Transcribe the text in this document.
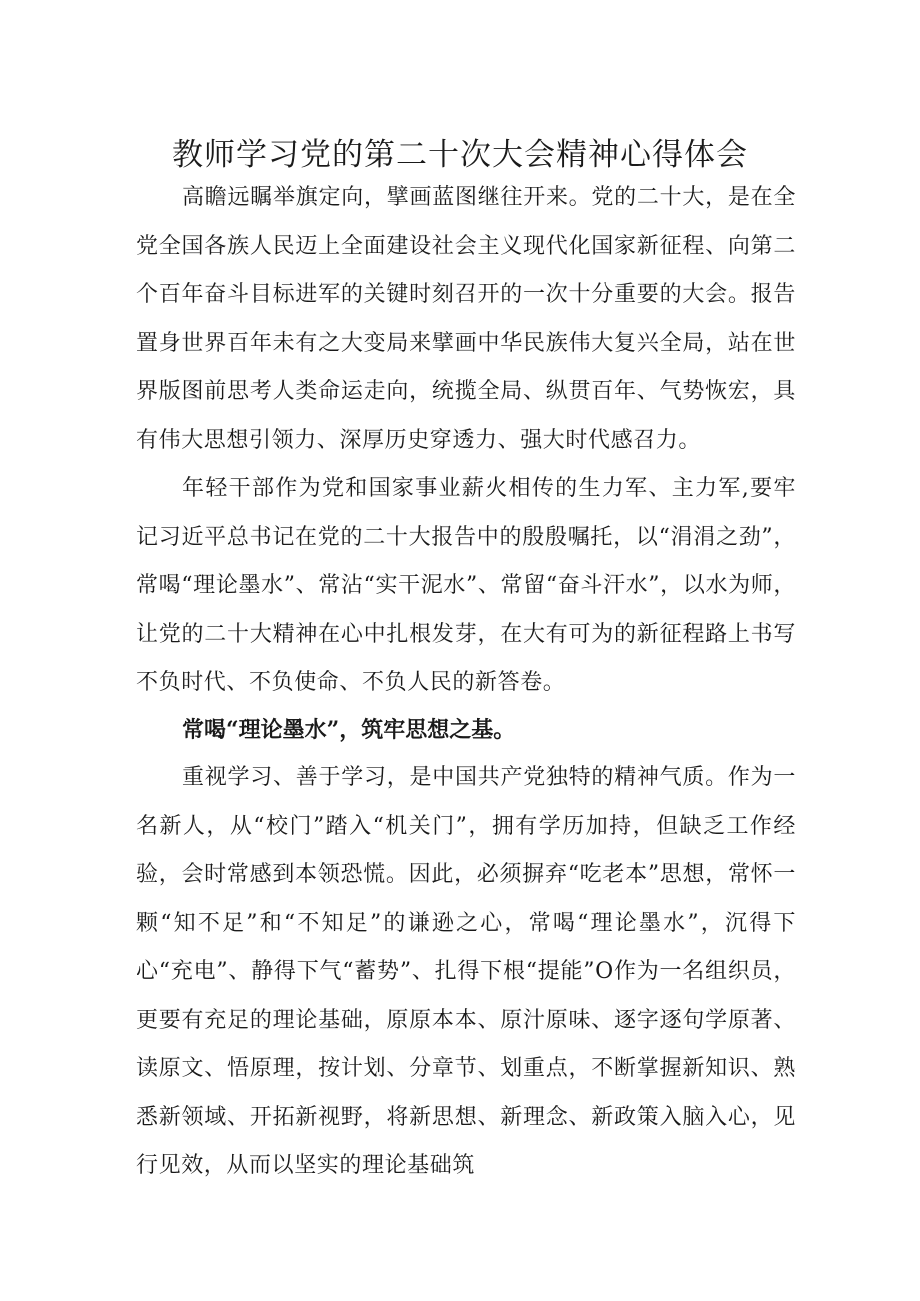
教师学习党的第二十次大会精神心得体会

高瞻远瞩举旗定向，擘画蓝图继往开来。党的二十大，是在全党全国各族人民迈上全面建设社会主义现代化国家新征程、向第二个百年奋斗目标进军的关键时刻召开的一次十分重要的大会。报告置身世界百年未有之大变局来擘画中华民族伟大复兴全局，站在世界版图前思考人类命运走向，统揽全局、纵贯百年、气势恢宏，具有伟大思想引领力、深厚历史穿透力、强大时代感召力。

年轻干部作为党和国家事业薪火相传的生力军、主力军,要牢记习近平总书记在党的二十大报告中的殷殷嘱托，以“涓涓之劲”，常喝“理论墨水”、常沾“实干泥水”、常留“奋斗汗水”，以水为师，让党的二十大精神在心中扎根发芽，在大有可为的新征程路上书写不负时代、不负使命、不负人民的新答卷。

常喝“理论墨水”，筑牢思想之基。

重视学习、善于学习，是中国共产党独特的精神气质。作为一名新人，从“校门”踏入“机关门”，拥有学历加持，但缺乏工作经验，会时常感到本领恐慌。因此，必须摒弃“吃老本”思想，常怀一颗“知不足”和“不知足”的谦逊之心，常喝“理论墨水”，沉得下心“充电”、静得下气“蓄势”、扎得下根“提能”O作为一名组织员，更要有充足的理论基础，原原本本、原汁原味、逐字逐句学原著、读原文、悟原理，按计划、分章节、划重点，不断掌握新知识、熟悉新领域、开拓新视野，将新思想、新理念、新政策入脑入心，见行见效，从而以坚实的理论基础筑
